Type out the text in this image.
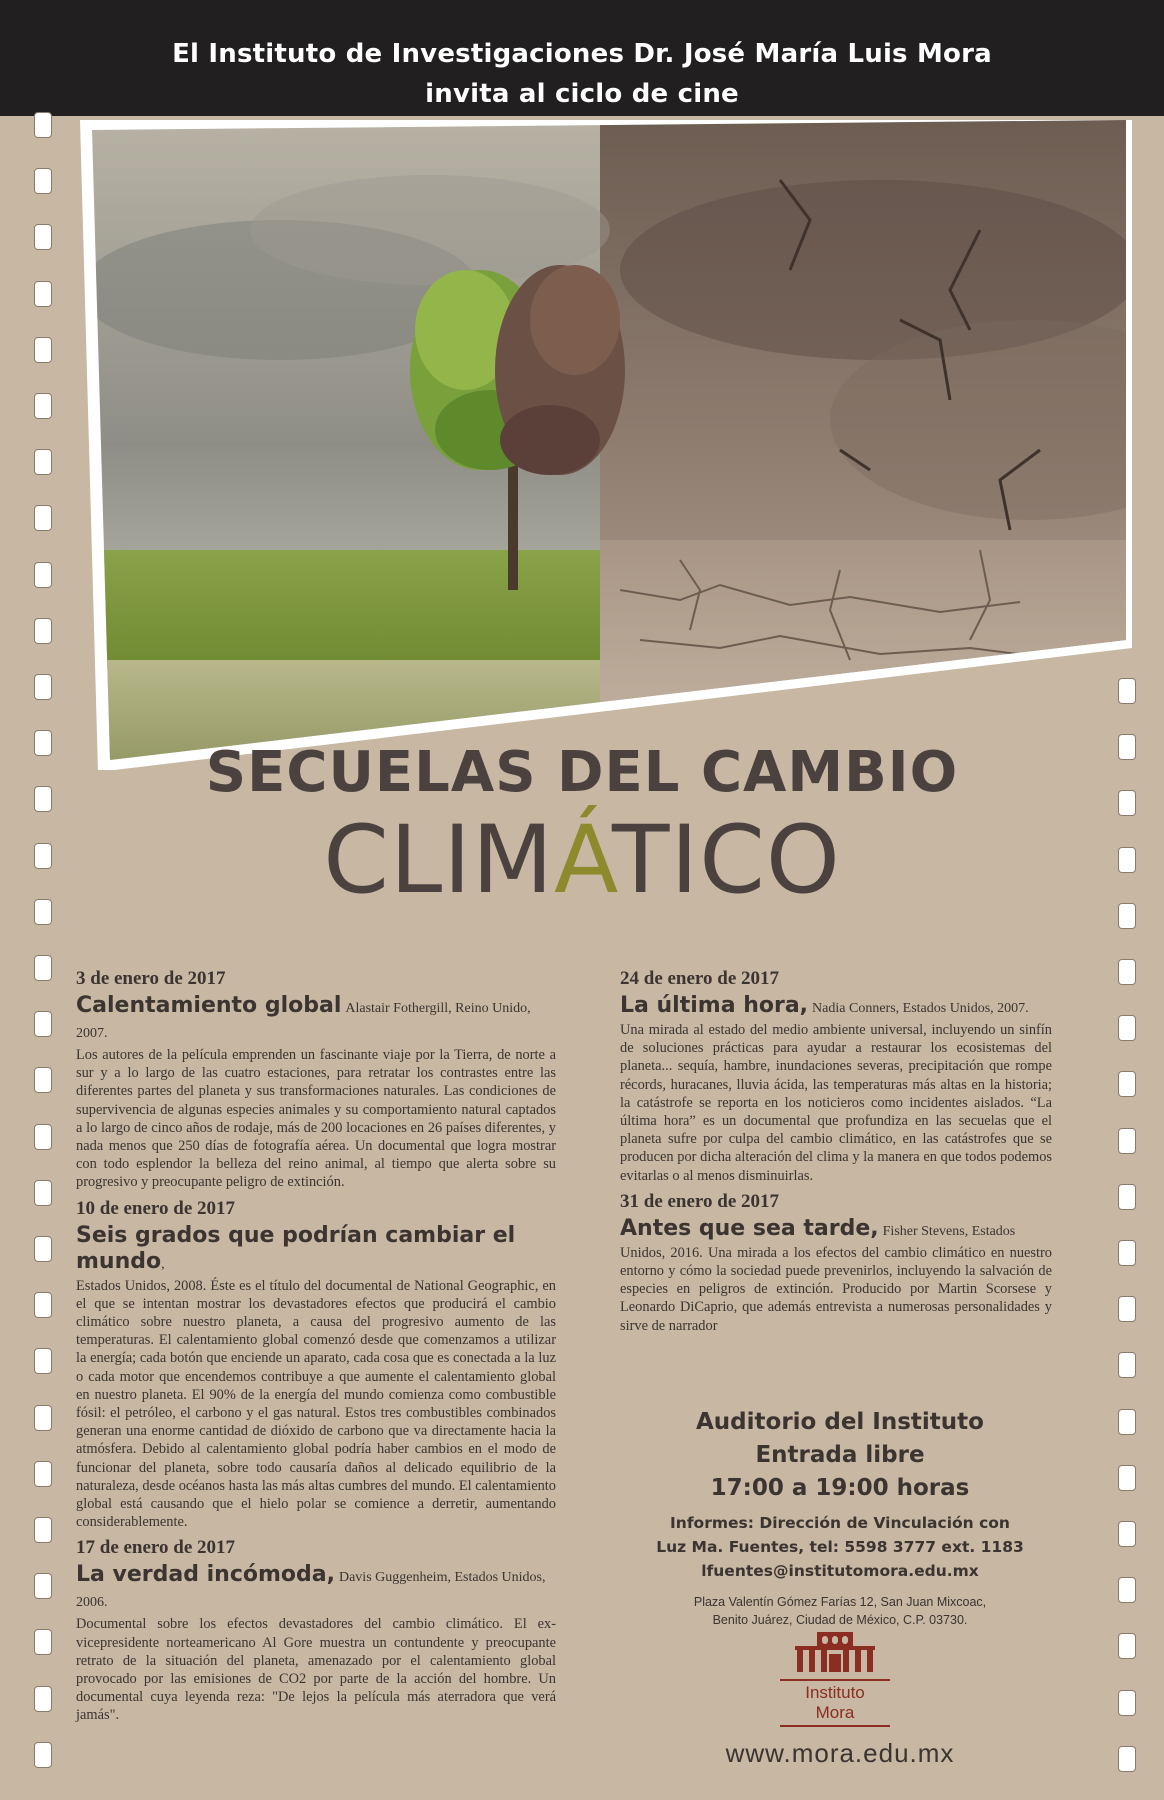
El Instituto de Investigaciones Dr. José María Luis Mora
invita al ciclo de cine
SECUELAS DEL CAMBIO
CLIMÁTICO
3 de enero de 2017
Calentamiento global Alastair Fothergill, Reino Unido, 2007.

Los autores de la película emprenden un fascinante viaje por la Tierra, de norte a sur y a lo largo de las cuatro estaciones, para retratar los contrastes entre las diferentes partes del planeta y sus transformaciones naturales. Las condiciones de supervivencia de algunas especies animales y su comportamiento natural captados a lo largo de cinco años de rodaje, más de 200 locaciones en 26 países diferentes, y nada menos que 250 días de fotografía aérea. Un documental que logra mostrar con todo esplendor la belleza del reino animal, al tiempo que alerta sobre su progresivo y preocupante peligro de extinción.

10 de enero de 2017
Seis grados que podrían cambiar el mundo,

Estados Unidos, 2008. Éste es el título del documental de National Geographic, en el que se intentan mostrar los devastadores efectos que producirá el cambio climático sobre nuestro planeta, a causa del progresivo aumento de las temperaturas. El calentamiento global comenzó desde que comenzamos a utilizar la energía; cada botón que enciende un aparato, cada cosa que es conectada a la luz o cada motor que encendemos contribuye a que aumente el calentamiento global en nuestro planeta. El 90% de la energía del mundo comienza como combustible fósil: el petróleo, el carbono y el gas natural. Estos tres combustibles combinados generan una enorme cantidad de dióxido de carbono que va directamente hacia la atmósfera. Debido al calentamiento global podría haber cambios en el modo de funcionar del planeta, sobre todo causaría daños al delicado equilibrio de la naturaleza, desde océanos hasta las más altas cumbres del mundo. El calentamiento global está causando que el hielo polar se comience a derretir, aumentando considerablemente.

17 de enero de 2017
La verdad incómoda, Davis Guggenheim, Estados Unidos, 2006.

Documental sobre los efectos devastadores del cambio climático. El ex-vicepresidente norteamericano Al Gore muestra un contundente y preocupante retrato de la situación del planeta, amenazado por el calentamiento global provocado por las emisiones de CO2 por parte de la acción del hombre. Un documental cuya leyenda reza: "De lejos la película más aterradora que verá jamás".

24 de enero de 2017
La última hora, Nadia Conners, Estados Unidos, 2007.

Una mirada al estado del medio ambiente universal, incluyendo un sinfín de soluciones prácticas para ayudar a restaurar los ecosistemas del planeta... sequía, hambre, inundaciones severas, precipitación que rompe récords, huracanes, lluvia ácida, las temperaturas más altas en la historia; la catástrofe se reporta en los noticieros como incidentes aislados. “La última hora” es un documental que profundiza en las secuelas que el planeta sufre por culpa del cambio climático, en las catástrofes que se producen por dicha alteración del clima y la manera en que todos podemos evitarlas o al menos disminuirlas.

31 de enero de 2017
Antes que sea tarde, Fisher Stevens, Estados

Unidos, 2016. Una mirada a los efectos del cambio climático en nuestro entorno y cómo la sociedad puede prevenirlos, incluyendo la salvación de especies en peligros de extinción. Producido por Martin Scorsese y Leonardo DiCaprio, que además entrevista a numerosas personalidades y sirve de narrador

Auditorio del Instituto
Entrada libre
17:00 a 19:00 horas
Informes: Dirección de Vinculación con
Luz Ma. Fuentes, tel: 5598 3777 ext. 1183
lfuentes@institutomora.edu.mx
Plaza Valentín Gómez Farías 12, San Juan Mixcoac,
Benito Juárez, Ciudad de México, C.P. 03730.
Instituto
Mora
www.mora.edu.mx
